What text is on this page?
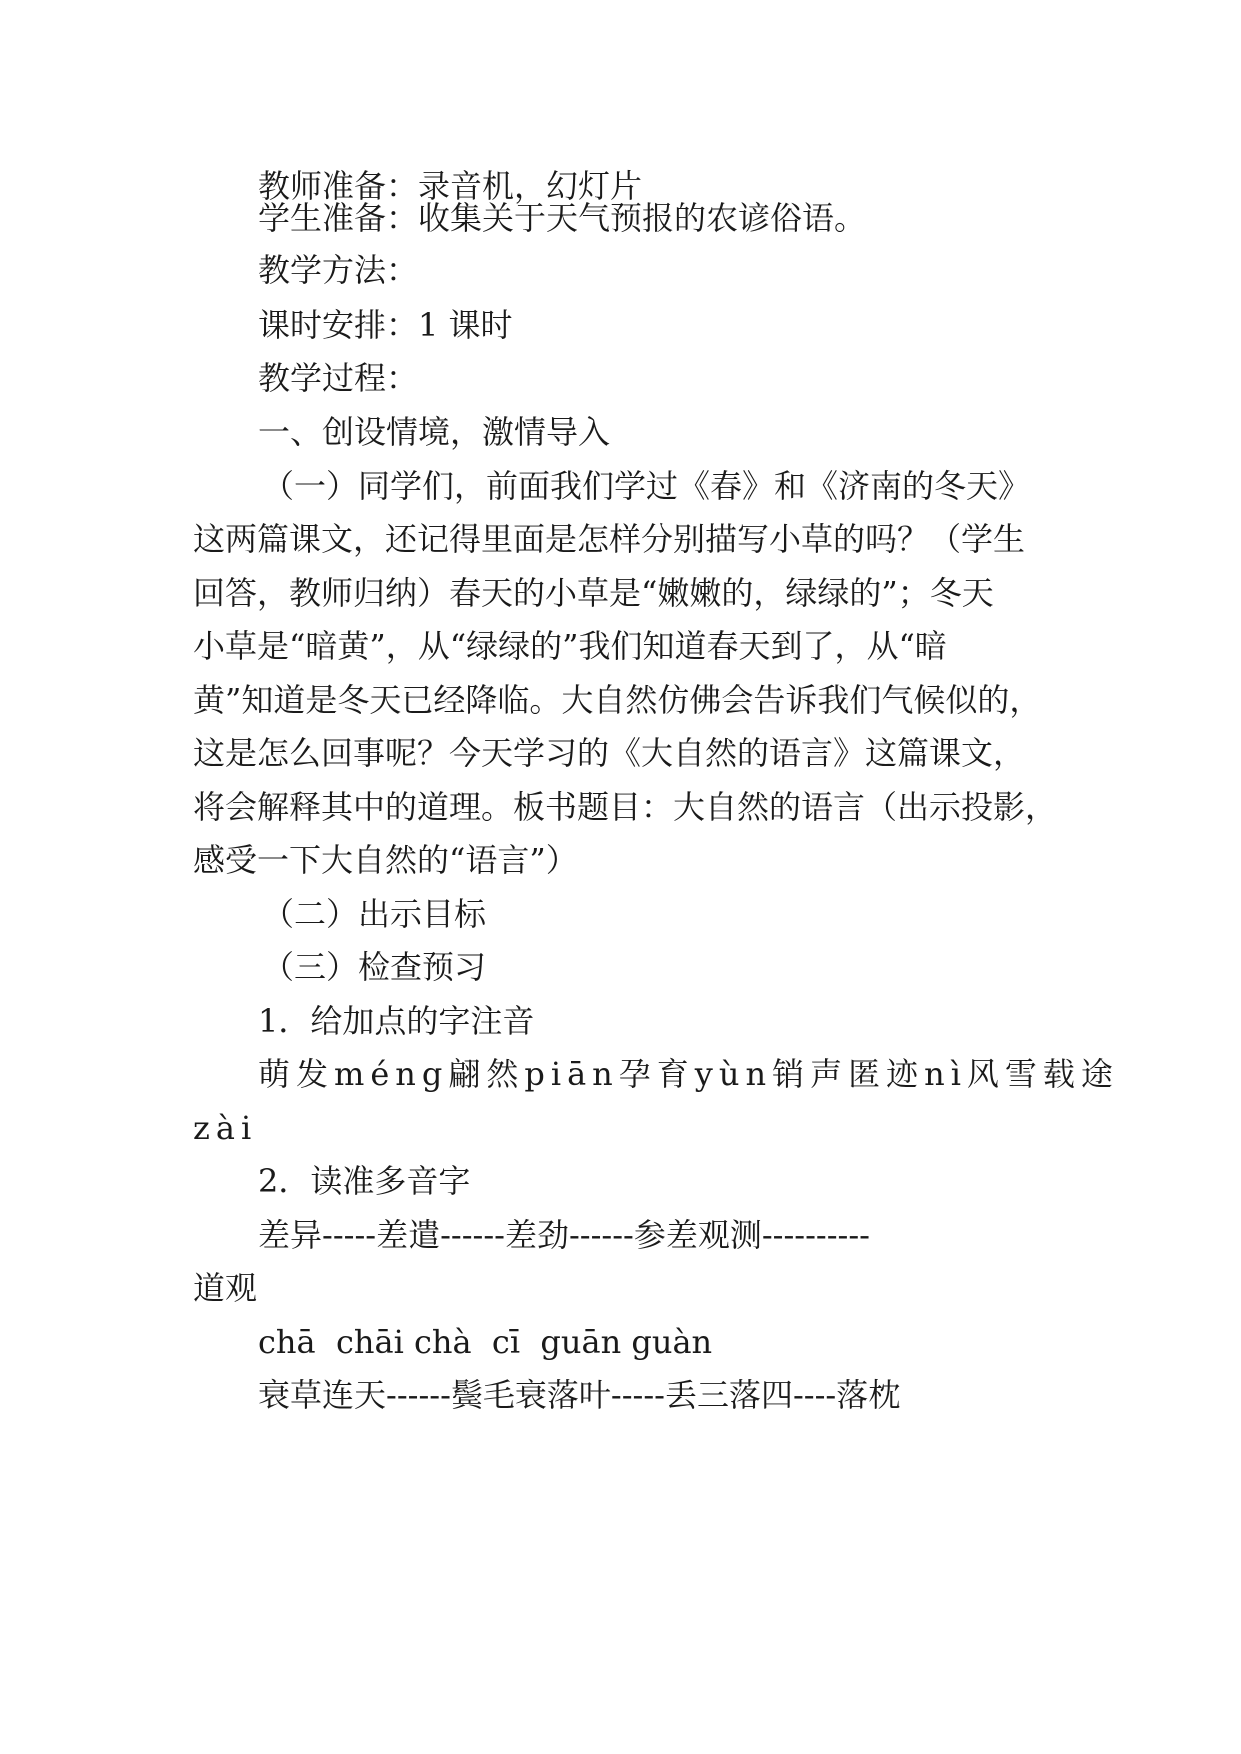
教师准备：录音机，幻灯片
学生准备：收集关于天气预报的农谚俗语。
教学方法：
课时安排：1 课时
教学过程：
一、创设情境，激情导入
（一）同学们，前面我们学过《春》和《济南的冬天》
这两篇课文，还记得里面是怎样分别描写小草的吗？（学生
回答，教师归纳）春天的小草是“嫩嫩的，绿绿的”；冬天
小草是“暗黄”，从“绿绿的”我们知道春天到了，从“暗
黄”知道是冬天已经降临。大自然仿佛会告诉我们气候似的，
这是怎么回事呢？今天学习的《大自然的语言》这篇课文，
将会解释其中的道理。板书题目：大自然的语言（出示投影，
感受一下大自然的“语言”）
（二）出示目标
（三）检查预习
1．给加点的字注音
萌发méng翩然piān孕育yùn销声匿迹nì风雪载途
zài
2．读准多音字
差异-----差遣------差劲------参差观测----------
道观
chā  chāi chà  cī  guān guàn
衰草连天------鬓毛衰落叶-----丢三落四----落枕
